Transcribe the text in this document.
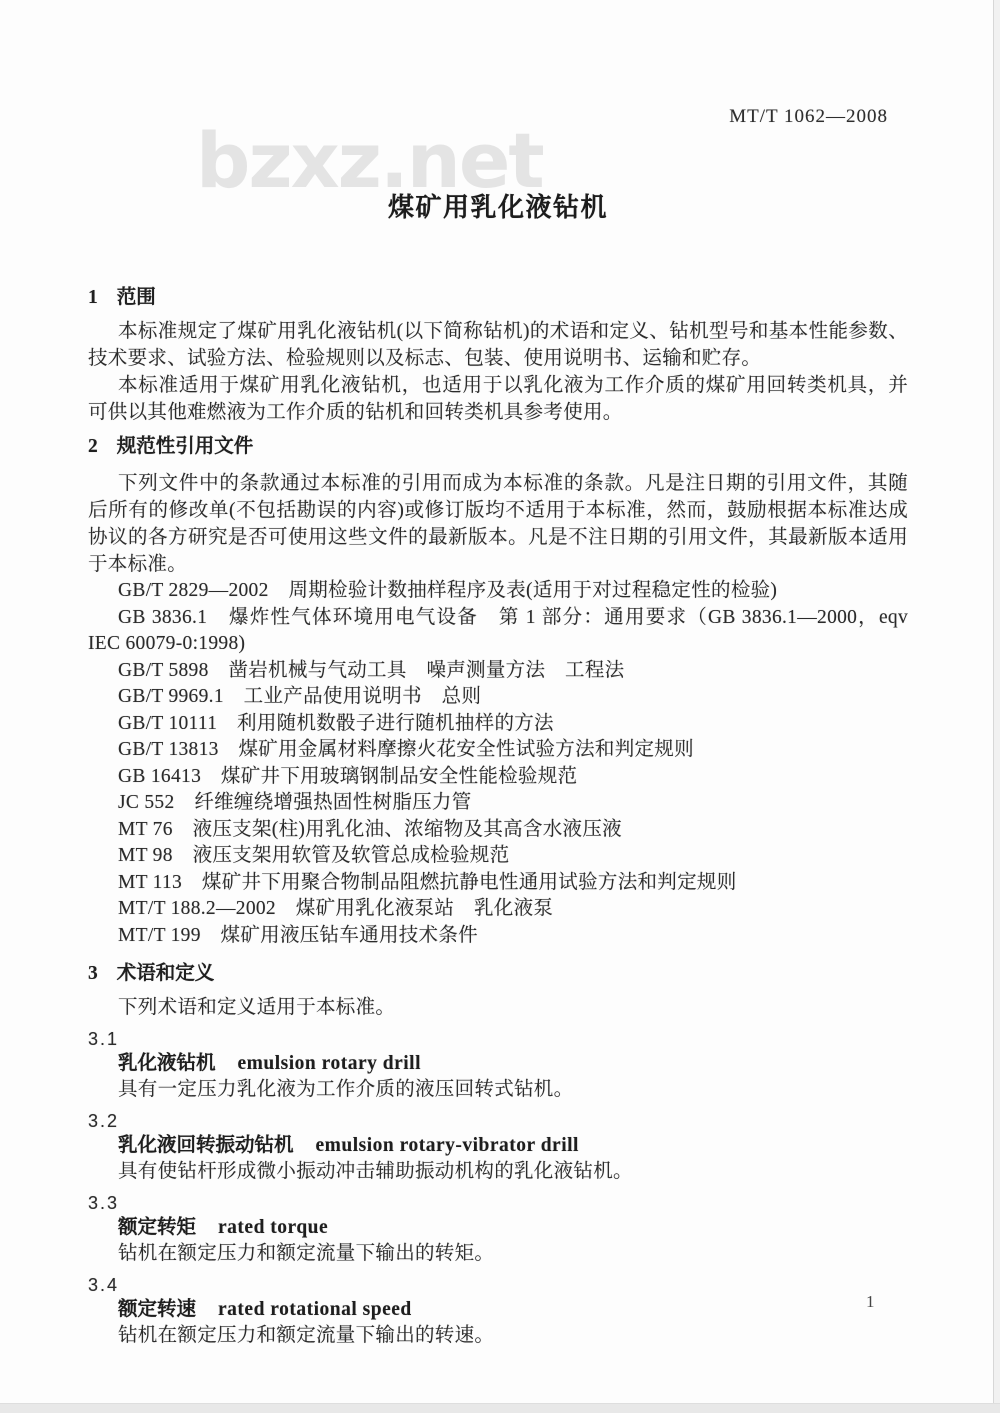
bzxz.net	MT/T 1062—2008
煤矿用乳化液钻机
1 范围

本标准规定了煤矿用乳化液钻机(以下简称钻机)的术语和定义、钻机型号和基本性能参数、技术要求、试验方法、检验规则以及标志、包装、使用说明书、运输和贮存。

本标准适用于煤矿用乳化液钻机，也适用于以乳化液为工作介质的煤矿用回转类机具，并可供以其他难燃液为工作介质的钻机和回转类机具参考使用。

2 规范性引用文件

下列文件中的条款通过本标准的引用而成为本标准的条款。凡是注日期的引用文件，其随后所有的修改单(不包括勘误的内容)或修订版均不适用于本标准，然而，鼓励根据本标准达成协议的各方研究是否可使用这些文件的最新版本。凡是不注日期的引用文件，其最新版本适用于本标准。

GB/T 2829—2002　周期检验计数抽样程序及表(适用于对过程稳定性的检验)

GB 3836.1　爆炸性气体环境用电气设备　第 1 部分：通用要求（GB 3836.1—2000，eqv IEC 60079-0:1998)

GB/T 5898　凿岩机械与气动工具　噪声测量方法　工程法

GB/T 9969.1　工业产品使用说明书　总则

GB/T 10111　利用随机数骰子进行随机抽样的方法

GB/T 13813　煤矿用金属材料摩擦火花安全性试验方法和判定规则

GB 16413　煤矿井下用玻璃钢制品安全性能检验规范

JC 552　纤维缠绕增强热固性树脂压力管

MT 76　液压支架(柱)用乳化油、浓缩物及其高含水液压液

MT 98　液压支架用软管及软管总成检验规范

MT 113　煤矿井下用聚合物制品阻燃抗静电性通用试验方法和判定规则

MT/T 188.2—2002　煤矿用乳化液泵站　乳化液泵

MT/T 199　煤矿用液压钻车通用技术条件

3 术语和定义

下列术语和定义适用于本标准。

3.1

乳化液钻机 emulsion rotary drill

具有一定压力乳化液为工作介质的液压回转式钻机。

3.2

乳化液回转振动钻机 emulsion rotary-vibrator drill

具有使钻杆形成微小振动冲击辅助振动机构的乳化液钻机。

3.3

额定转矩 rated torque

钻机在额定压力和额定流量下输出的转矩。

3.4

额定转速 rated rotational speed

钻机在额定压力和额定流量下输出的转速。

1
